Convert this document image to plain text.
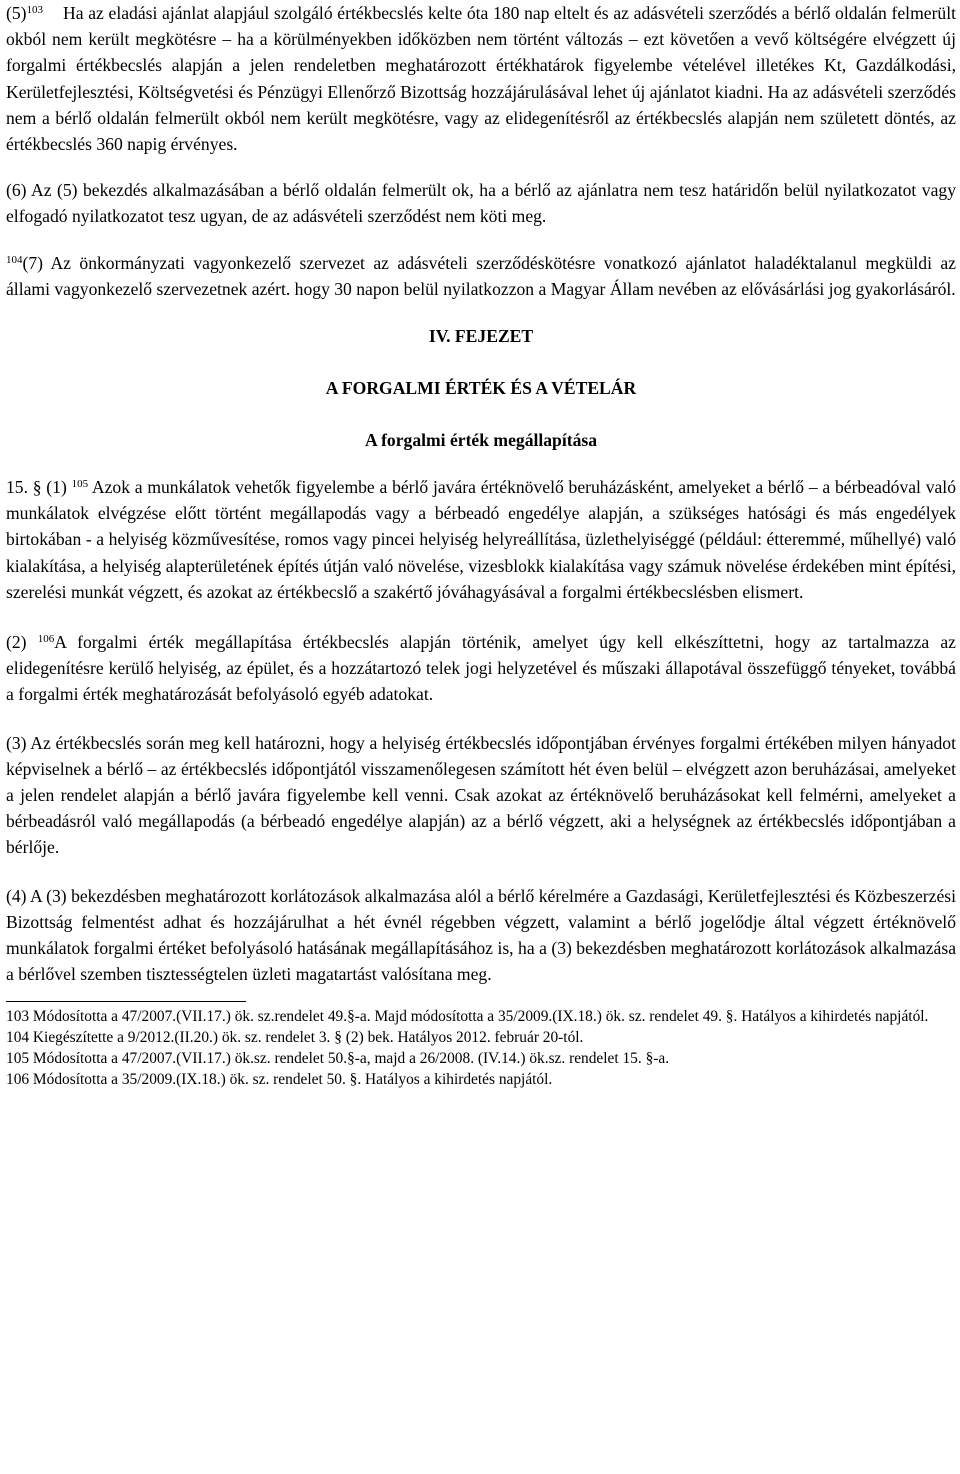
$(5)^{103}$ Ha az eladási ajánlat alapjául szolgáló értékbecslés kelte óta 180 nap eltelt és az adásvételi szerződés a bérlő oldalán felmerült okból nem került megkötésre – ha a körülményekben időközben nem történt változás – ezt követően a vevő költségére elvégzett új forgalmi értékbecslés alapján a jelen rendeletben meghatározott értékhatárok figyelembe vételével illetékes Kt, Gazdálkodási, Kerületfejlesztési, Költségvetési és Pénzügyi Ellenőrző Bizottság hozzájárulásával lehet új ajánlatot kiadni. Ha az adásvételi szerződés nem a bérlő oldalán felmerült okból nem került megkötésre, vagy az elidegenítésről az értékbecslés alapján nem született döntés, az értékbecslés 360 napig érvényes.

(6) Az (5) bekezdés alkalmazásában a bérlő oldalán felmerült ok, ha a bérlő az ajánlatra nem tesz határidőn belül nyilatkozatot vagy elfogadó nyilatkozatot tesz ugyan, de az adásvételi szerződést nem köti meg.

$^{104}$(7) Az önkormányzati vagyonkezelő szervezet az adásvételi szerződéskötésre vonatkozó ajánlatot haladéktalanul megküldi az állami vagyonkezelő szervezetnek azért. hogy 30 napon belül nyilatkozzon a Magyar Állam nevében az elővásárlási jog gyakorlásáról.

IV. FEJEZET
A FORGALMI ÉRTÉK ÉS A VÉTELÁR
A forgalmi érték megállapítása

15. § (1) $^{105}$ Azok a munkálatok vehetők figyelembe a bérlő javára értéknövelő beruházásként, amelyeket a bérlő – a bérbeadóval való munkálatok elvégzése előtt történt megállapodás vagy a bérbeadó engedélye alapján, a szükséges hatósági és más engedélyek birtokában - a helyiség közművesítése, romos vagy pincei helyiség helyreállítása, üzlethelyiséggé (például: étteremmé, műhellyé) való kialakítása, a helyiség alapterületének építés útján való növelése, vizesblokk kialakítása vagy számuk növelése érdekében mint építési, szerelési munkát végzett, és azokat az értékbecslő a szakértő jóváhagyásával a forgalmi értékbecslésben elismert.

(2) $^{106}$A forgalmi érték megállapítása értékbecslés alapján történik, amelyet úgy kell elkészíttetni, hogy az tartalmazza az elidegenítésre kerülő helyiség, az épület, és a hozzátartozó telek jogi helyzetével és műszaki állapotával összefüggő tényeket, továbbá a forgalmi érték meghatározását befolyásoló egyéb adatokat.

(3) Az értékbecslés során meg kell határozni, hogy a helyiség értékbecslés időpontjában érvényes forgalmi értékében milyen hányadot képviselnek a bérlő – az értékbecslés időpontjától visszamenőlegesen számított hét éven belül – elvégzett azon beruházásai, amelyeket a jelen rendelet alapján a bérlő javára figyelembe kell venni. Csak azokat az értéknövelő beruházásokat kell felmérni, amelyeket a bérbeadásról való megállapodás (a bérbeadó engedélye alapján) az a bérlő végzett, aki a helységnek az értékbecslés időpontjában a bérlője.

(4) A (3) bekezdésben meghatározott korlátozások alkalmazása alól a bérlő kérelmére a Gazdasági, Kerületfejlesztési és Közbeszerzési Bizottság felmentést adhat és hozzájárulhat a hét évnél régebben végzett, valamint a bérlő jogelődje által végzett értéknövelő munkálatok forgalmi értéket befolyásoló hatásának megállapításához is, ha a (3) bekezdésben meghatározott korlátozások alkalmazása a bérlővel szemben tisztességtelen üzleti magatartást valósítana meg.

103 Módosította a 47/2007.(VII.17.) ök. sz.rendelet 49.§-a. Majd módosította a 35/2009.(IX.18.) ök. sz. rendelet 49. §. Hatályos a kihirdetés napjától.

104 Kiegészítette a 9/2012.(II.20.) ök. sz. rendelet 3. § (2) bek. Hatályos 2012. február 20-tól.

105 Módosította a 47/2007.(VII.17.) ök.sz. rendelet 50.§-a, majd a 26/2008. (IV.14.) ök.sz. rendelet 15. §-a.

106 Módosította a 35/2009.(IX.18.) ök. sz. rendelet 50. §. Hatályos a kihirdetés napjától.
